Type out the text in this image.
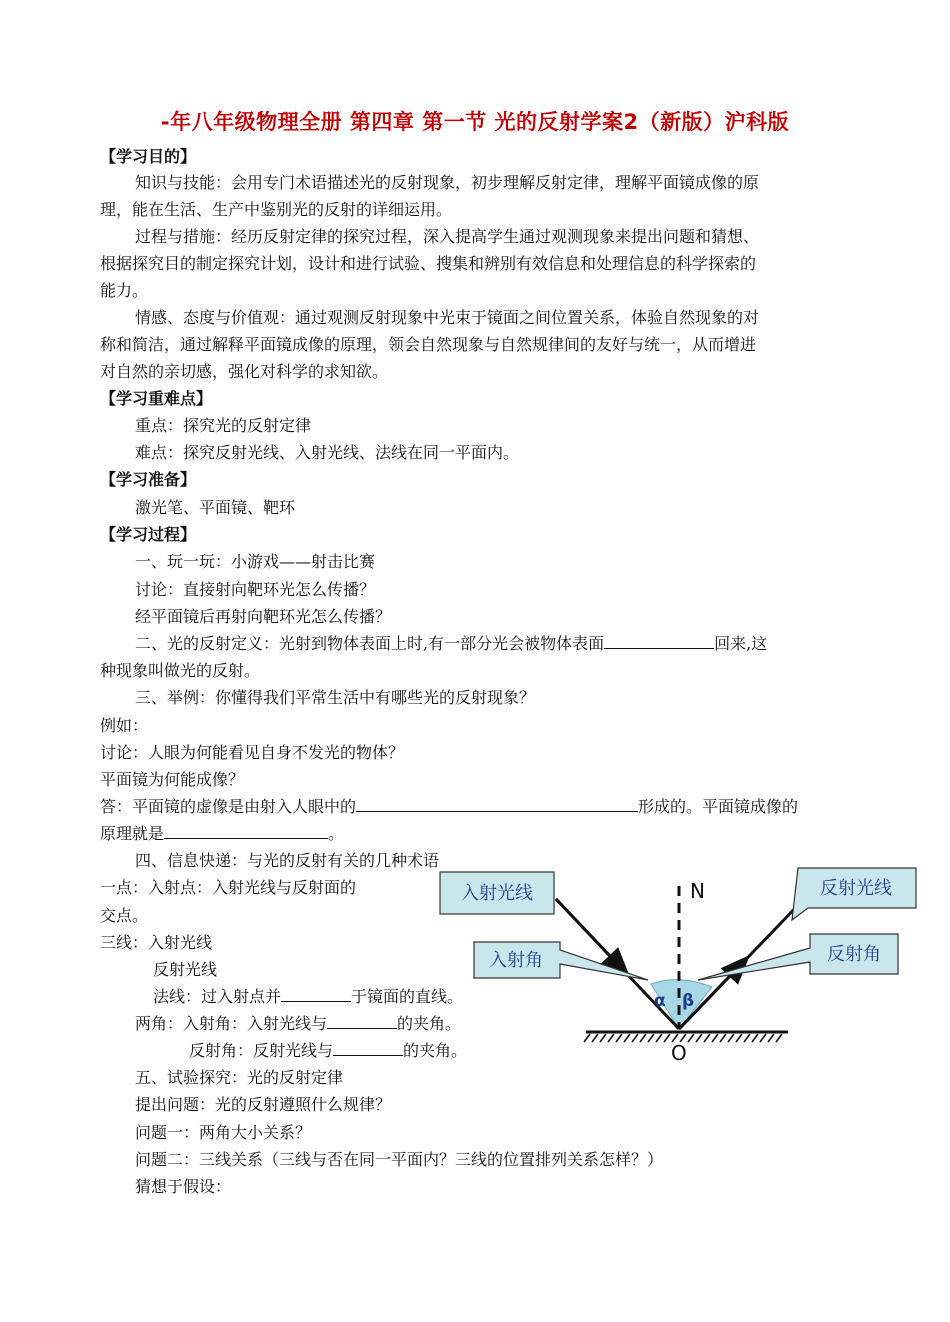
-年八年级物理全册 第四章 第一节 光的反射学案2（新版）沪科版
【学习目的】
知识与技能：会用专门术语描述光的反射现象，初步理解反射定律，理解平面镜成像的原
理，能在生活、生产中鉴别光的反射的详细运用。
过程与措施：经历反射定律的探究过程，深入提高学生通过观测现象来提出问题和猜想、
根据探究目的制定探究计划，设计和进行试验、搜集和辨别有效信息和处理信息的科学探索的
能力。
情感、态度与价值观：通过观测反射现象中光束于镜面之间位置关系，体验自然现象的对
称和简洁，通过解释平面镜成像的原理，领会自然现象与自然规律间的友好与统一，从而增进
对自然的亲切感，强化对科学的求知欲。
【学习重难点】
重点：探究光的反射定律
难点：探究反射光线、入射光线、法线在同一平面内。
【学习准备】
激光笔、平面镜、靶环
【学习过程】
一、玩一玩：小游戏——射击比赛
讨论：直接射向靶环光怎么传播？
经平面镜后再射向靶环光怎么传播？
二、光的反射定义：光射到物体表面上时,有一部分光会被物体表面	回来,这
种现象叫做光的反射。
三、举例：你懂得我们平常生活中有哪些光的反射现象？
例如：
讨论：人眼为何能看见自身不发光的物体？
平面镜为何能成像？
答：平面镜的虚像是由射入人眼中的	形成的。平面镜成像的
原理就是	。
四、信息快递：与光的反射有关的几种术语
一点：入射点：入射光线与反射面的
交点。
三线：入射光线
反射光线
法线：过入射点并	于镜面的直线。
两角：入射角：入射光线与	的夹角。
反射角：反射光线与	的夹角。
五、试验探究：光的反射定律
提出问题：光的反射遵照什么规律？
问题一：两角大小关系？
问题二：三线关系（三线与否在同一平面内？三线的位置排列关系怎样？）
猜想于假设：
入射光线
入射角
反射光线
反射角
N
O
α β
